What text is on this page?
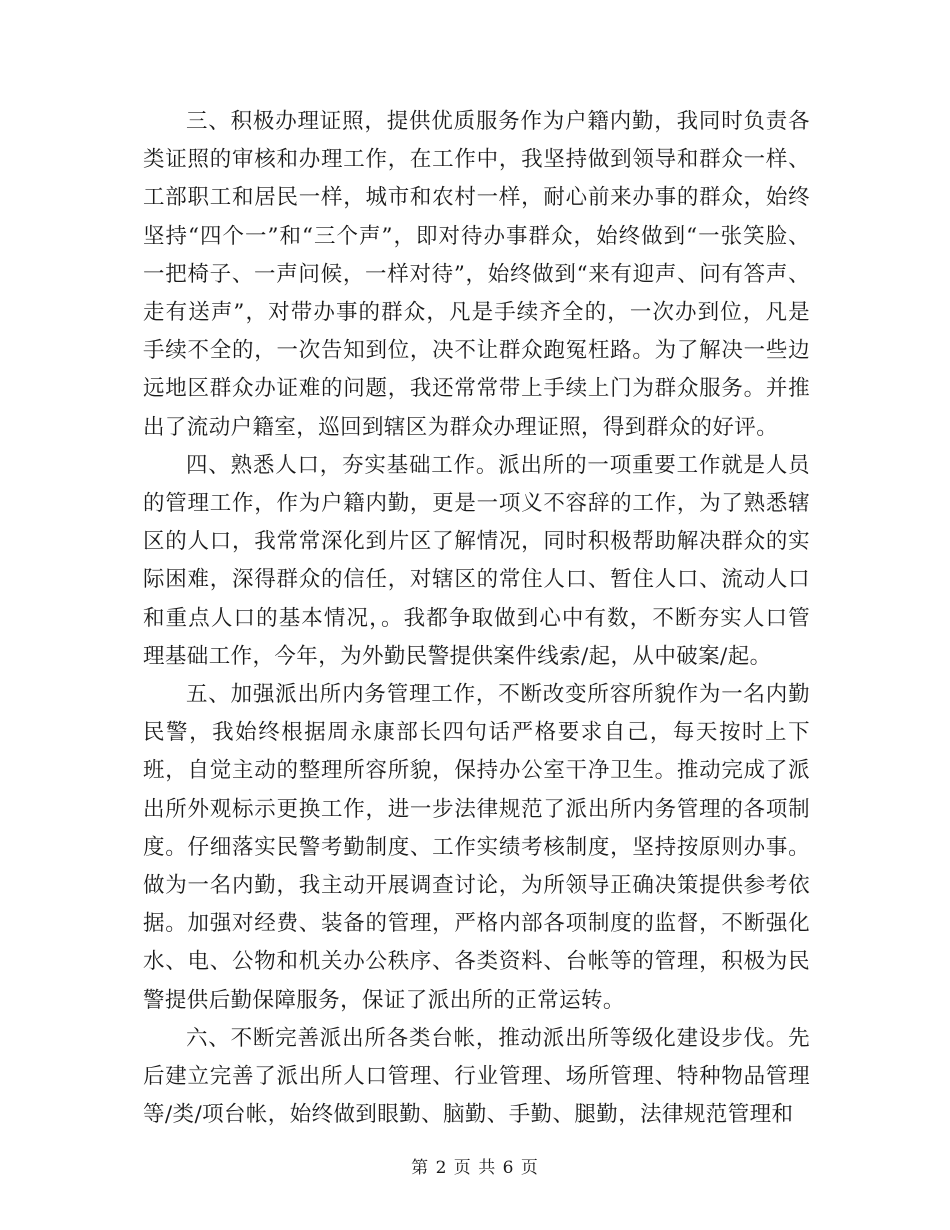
三、积极办理证照，提供优质服务作为户籍内勤，我同时负责各类证照的审核和办理工作，在工作中，我坚持做到领导和群众一样、工部职工和居民一样，城市和农村一样，耐心前来办事的群众，始终坚持“四个一”和“三个声”，即对待办事群众，始终做到“一张笑脸、一把椅子、一声问候，一样对待”，始终做到“来有迎声、问有答声、走有送声”，对带办事的群众，凡是手续齐全的，一次办到位，凡是手续不全的，一次告知到位，决不让群众跑冤枉路。为了解决一些边远地区群众办证难的问题，我还常常带上手续上门为群众服务。并推出了流动户籍室，巡回到辖区为群众办理证照，得到群众的好评。

四、熟悉人口，夯实基础工作。派出所的一项重要工作就是人员的管理工作，作为户籍内勤，更是一项义不容辞的工作，为了熟悉辖区的人口，我常常深化到片区了解情况，同时积极帮助解决群众的实际困难，深得群众的信任，对辖区的常住人口、暂住人口、流动人口和重点人口的基本情况，。我都争取做到心中有数，不断夯实人口管理基础工作，今年，为外勤民警提供案件线索/起，从中破案/起。

五、加强派出所内务管理工作，不断改变所容所貌作为一名内勤民警，我始终根据周永康部长四句话严格要求自己，每天按时上下班，自觉主动的整理所容所貌，保持办公室干净卫生。推动完成了派出所外观标示更换工作，进一步法律规范了派出所内务管理的各项制度。仔细落实民警考勤制度、工作实绩考核制度，坚持按原则办事。做为一名内勤，我主动开展调查讨论，为所领导正确决策提供参考依据。加强对经费、装备的管理，严格内部各项制度的监督，不断强化水、电、公物和机关办公秩序、各类资料、台帐等的管理，积极为民警提供后勤保障服务，保证了派出所的正常运转。

六、不断完善派出所各类台帐，推动派出所等级化建设步伐。先后建立完善了派出所人口管理、行业管理、场所管理、特种物品管理等/类/项台帐，始终做到眼勤、脑勤、手勤、腿勤，法律规范管理和

第 2 页 共 6 页
